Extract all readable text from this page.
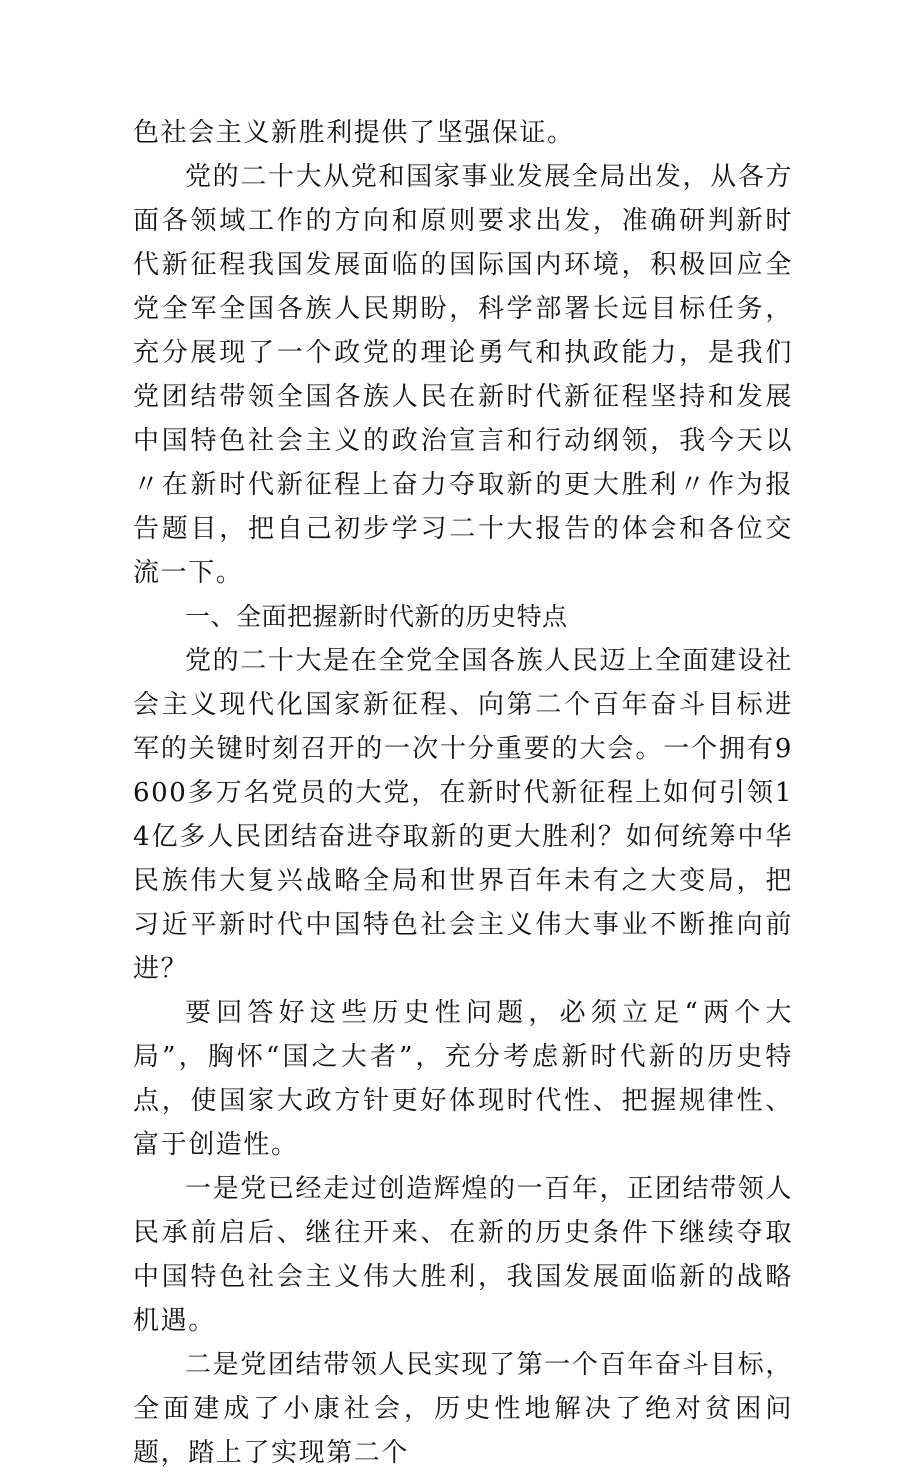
色社会主义新胜利提供了坚强保证。

党的二十大从党和国家事业发展全局出发，从各方面各领域工作的方向和原则要求出发，准确研判新时代新征程我国发展面临的国际国内环境，积极回应全党全军全国各族人民期盼，科学部署长远目标任务，充分展现了一个政党的理论勇气和执政能力，是我们党团结带领全国各族人民在新时代新征程坚持和发展中国特色社会主义的政治宣言和行动纲领，我今天以〃在新时代新征程上奋力夺取新的更大胜利〃作为报告题目，把自己初步学习二十大报告的体会和各位交流一下。

一、全面把握新时代新的历史特点

党的二十大是在全党全国各族人民迈上全面建设社会主义现代化国家新征程、向第二个百年奋斗目标进军的关键时刻召开的一次十分重要的大会。一个拥有9600多万名党员的大党，在新时代新征程上如何引领14亿多人民团结奋进夺取新的更大胜利？如何统筹中华民族伟大复兴战略全局和世界百年未有之大变局，把习近平新时代中国特色社会主义伟大事业不断推向前进？

要回答好这些历史性问题，必须立足“两个大局”，胸怀“国之大者”，充分考虑新时代新的历史特点，使国家大政方针更好体现时代性、把握规律性、富于创造性。

一是党已经走过创造辉煌的一百年，正团结带领人民承前启后、继往开来、在新的历史条件下继续夺取中国特色社会主义伟大胜利，我国发展面临新的战略机遇。

二是党团结带领人民实现了第一个百年奋斗目标，全面建成了小康社会，历史性地解决了绝对贫困问题，踏上了实现第二个
